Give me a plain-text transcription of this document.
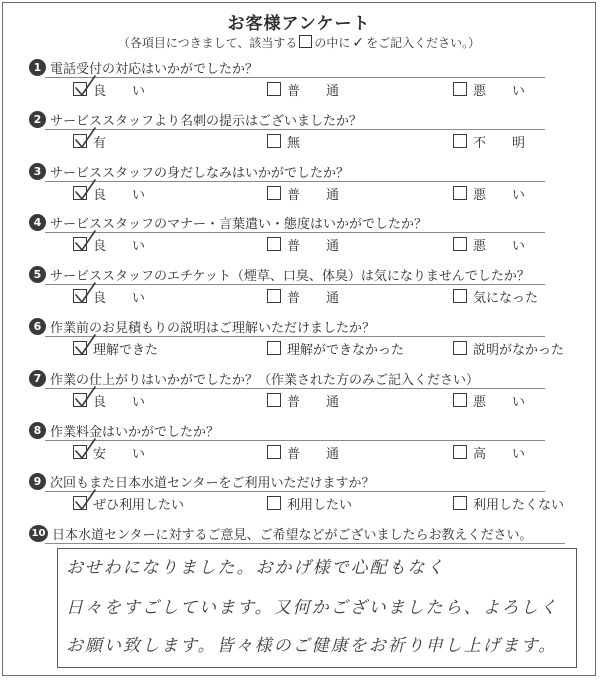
お客様アンケート
（各項目につきまして、該当する の中に ✓ をご記入ください。）
1 電話受付の対応はいかがでしたか？
良　　い	普　　通	悪　　い
2 サービススタッフより名刺の提示はございましたか？
有	無	不　　明
3 サービススタッフの身だしなみはいかがでしたか？
良　　い	普　　通	悪　　い
4 サービススタッフのマナー・言葉遣い・態度はいかがでしたか？
良　　い	普　　通	悪　　い
5 サービススタッフのエチケット（煙草、口臭、体臭）は気になりませんでしたか？
良　　い	普　　通	気になった
6 作業前のお見積もりの説明はご理解いただけましたか？
理解できた	理解ができなかった	説明がなかった
7 作業の仕上がりはいかがでしたか？（作業された方のみご記入ください）
良　　い	普　　通	悪　　い
8 作業料金はいかがでしたか？
安　　い	普　　通	高　　い
9 次回もまた日本水道センターをご利用いただけますか？
ぜひ利用したい	利用したい	利用したくない
10 日本水道センターに対するご意見、ご希望などがございましたらお教えください。
おせわになりました。おかげ様で心配もなく
日々をすごしています。又何かございましたら、よろしく
お願い致します。皆々様のご健康をお祈り申し上げます。
